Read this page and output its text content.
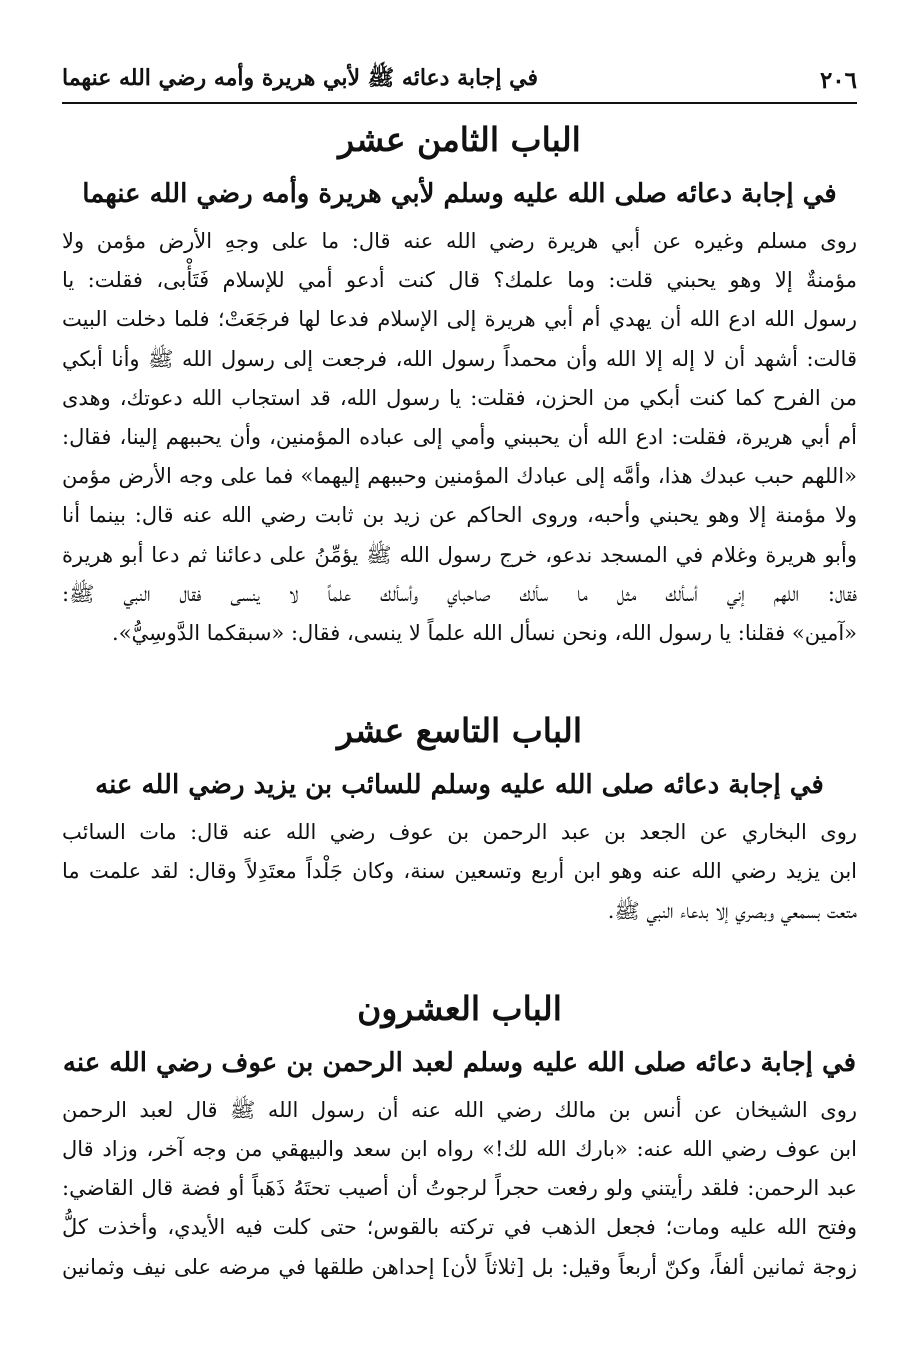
٢٠٦
في إجابة دعائه ﷺ لأبي هريرة وأمه رضي الله عنهما
الباب الثامن عشر
في إجابة دعائه صلى الله عليه وسلم لأبي هريرة وأمه رضي الله عنهما

روى مسلم وغيره عن أبي هريرة رضي الله عنه قال: ما على وجهِ الأرض مؤمن ولا
مؤمنةٌ إلا وهو يحبني قلت: وما علمك؟ قال كنت أدعو أمي للإسلام فَتَأْبى، فقلت: يا
رسول الله ادع الله أن يهدي أم أبي هريرة إلى الإسلام فدعا لها فرجَعَتْ؛ فلما دخلت البيت
قالت: أشهد أن لا إله إلا الله وأن محمداً رسول الله، فرجعت إلى رسول الله ﷺ وأنا أبكي
من الفرح كما كنت أبكي من الحزن، فقلت: يا رسول الله، قد استجاب الله دعوتك، وهدى
أم أبي هريرة، فقلت: ادع الله أن يحببني وأمي إلى عباده المؤمنين، وأن يحببهم إلينا، فقال:
«اللهم حبب عبدك هذا، وأمَّه إلى عبادك المؤمنين وحببهم إليهما» فما على وجه الأرض مؤمن
ولا مؤمنة إلا وهو يحبني وأحبه، وروى الحاكم عن زيد بن ثابت رضي الله عنه قال: بينما أنا
وأبو هريرة وغلام في المسجد ندعو، خرج رسول الله ﷺ يؤمِّنُ على دعائنا ثم دعا أبو هريرة
فقال: اللهم إني أسألك مثل ما سألك صاحباي وأسألك علماً لا ينسى فقال النبي ﷺ:
«آمين» فقلنا: يا رسول الله، ونحن نسأل الله علماً لا ينسى، فقال: «سبقكما الدَّوسِيُّ».

الباب التاسع عشر
في إجابة دعائه صلى الله عليه وسلم للسائب بن يزيد رضي الله عنه

روى البخاري عن الجعد بن عبد الرحمن بن عوف رضي الله عنه قال: مات السائب
ابن يزيد رضي الله عنه وهو ابن أربع وتسعين سنة، وكان جَلْداً معتَدِلاً وقال: لقد علمت ما
متعت بسمعي وبصري إلا بدعاء النبي ﷺ.

الباب العشرون
في إجابة دعائه صلى الله عليه وسلم لعبد الرحمن بن عوف رضي الله عنه

روى الشيخان عن أنس بن مالك رضي الله عنه أن رسول الله ﷺ قال لعبد الرحمن
ابن عوف رضي الله عنه: «بارك الله لك!» رواه ابن سعد والبيهقي من وجه آخر، وزاد قال
عبد الرحمن: فلقد رأيتني ولو رفعت حجراً لرجوتُ أن أصيب تحتَهُ ذَهَباً أو فضة قال القاضي:
وفتح الله عليه ومات؛ فجعل الذهب في تركته بالقوس؛ حتى كلت فيه الأيدي، وأخذت كلُّ
زوجة ثمانين ألفاً، وكنّ أربعاً وقيل: بل [ثلاثاً لأن] إحداهن طلقها في مرضه على نيف وثمانين
